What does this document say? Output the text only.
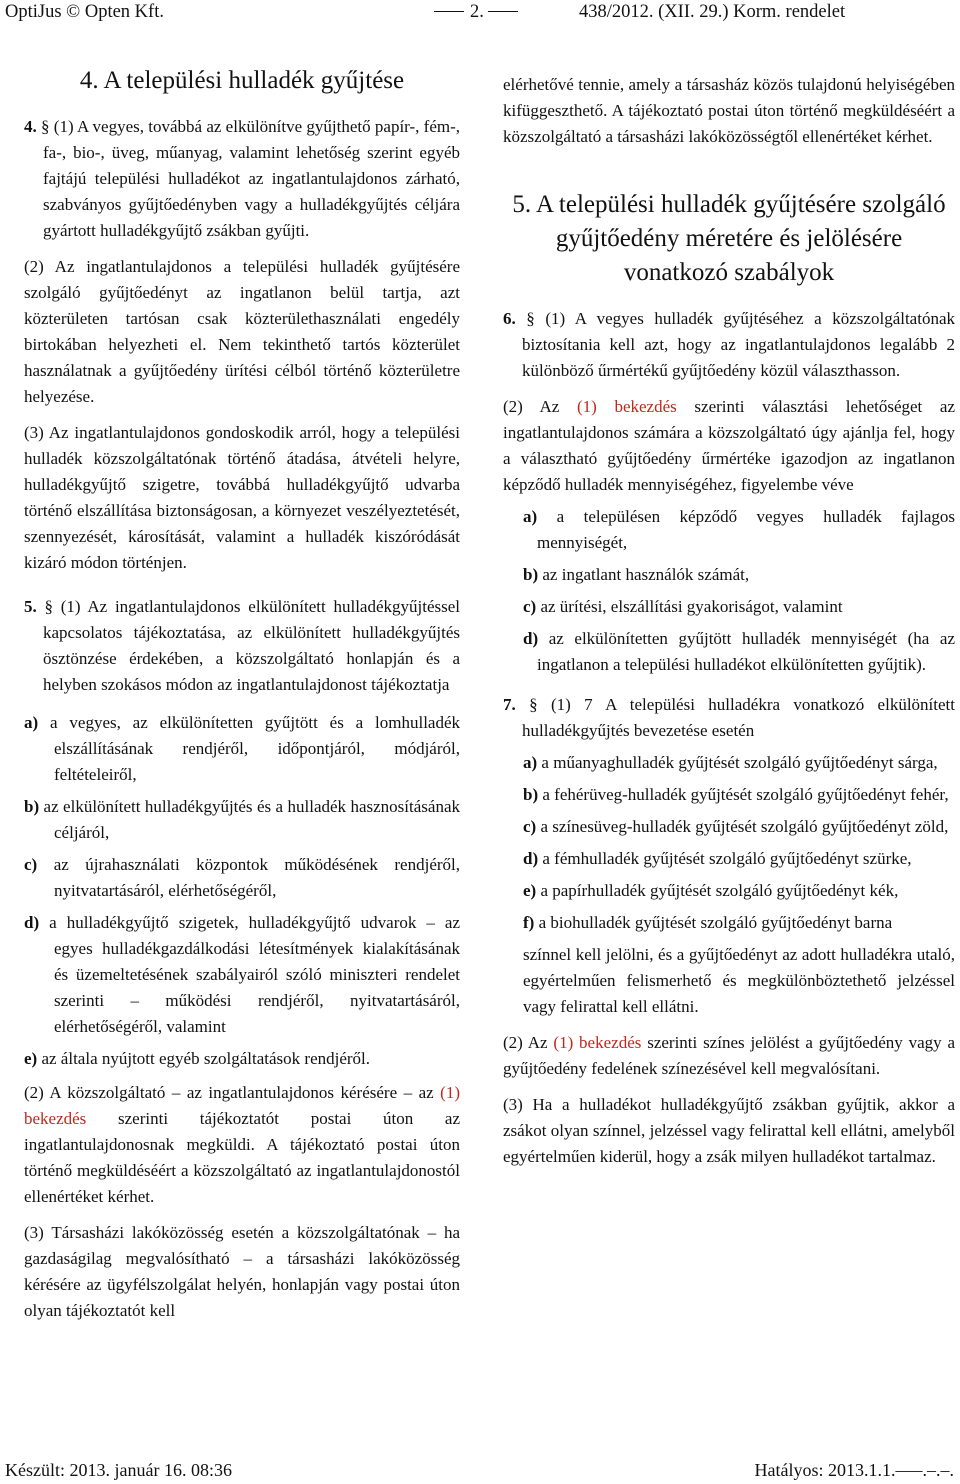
OptiJus © Opten Kft.	2.	438/2012. (XII. 29.) Korm. rendelet
4. A települési hulladék gyűjtése

4. § (1) A vegyes, továbbá az elkülönítve gyűjthető papír-, fém-, fa-, bio-, üveg, műanyag, valamint lehetőség szerint egyéb fajtájú települési hulladékot az ingatlantulajdonos zárható, szabványos gyűjtőedényben vagy a hulladékgyűjtés céljára gyártott hulladékgyűjtő zsákban gyűjti.

(2) Az ingatlantulajdonos a települési hulladék gyűjtésére szolgáló gyűjtőedényt az ingatlanon belül tartja, azt közterületen tartósan csak közterülethasználati engedély birtokában helyezheti el. Nem tekinthető tartós közterület használatnak a gyűjtőedény ürítési célból történő közterületre helyezése.

(3) Az ingatlantulajdonos gondoskodik arról, hogy a települési hulladék közszolgáltatónak történő átadása, átvételi helyre, hulladékgyűjtő szigetre, továbbá hulladékgyűjtő udvarba történő elszállítása biztonságosan, a környezet veszélyeztetését, szennyezését, károsítását, valamint a hulladék kiszóródását kizáró módon történjen.

5. § (1) Az ingatlantulajdonos elkülönített hulladékgyűjtéssel kapcsolatos tájékoztatása, az elkülönített hulladékgyűjtés ösztönzése érdekében, a közszolgáltató honlapján és a helyben szokásos módon az ingatlantulajdonost tájékoztatja

a) a vegyes, az elkülönítetten gyűjtött és a lomhulladék elszállításának rendjéről, időpontjáról, módjáról, feltételeiről,

b) az elkülönített hulladékgyűjtés és a hulladék hasznosításának céljáról,

c) az újrahasználati központok működésének rendjéről, nyitvatartásáról, elérhetőségéről,

d) a hulladékgyűjtő szigetek, hulladékgyűjtő udvarok – az egyes hulladékgazdálkodási létesítmények kialakításának és üzemeltetésének szabályairól szóló miniszteri rendelet szerinti – működési rendjéről, nyitvatartásáról, elérhetőségéről, valamint

e) az általa nyújtott egyéb szolgáltatások rendjéről.

(2) A közszolgáltató – az ingatlantulajdonos kérésére – az (1) bekezdés szerinti tájékoztatót postai úton az ingatlantulajdonosnak megküldi. A tájékoztató postai úton történő megküldéséért a közszolgáltató az ingatlantulajdonostól ellenértéket kérhet.

(3) Társasházi lakóközösség esetén a közszolgáltatónak – ha gazdaságilag megvalósítható – a társasházi lakóközösség kérésére az ügyfélszolgálat helyén, honlapján vagy postai úton olyan tájékoztatót kell

elérhetővé tennie, amely a társasház közös tulajdonú helyiségében kifüggeszthető. A tájékoztató postai úton történő megküldéséért a közszolgáltató a társasházi lakóközösségtől ellenértéket kérhet.

5. A települési hulladék gyűjtésére szolgáló gyűjtőedény méretére és jelölésére vonatkozó szabályok

6. § (1) A vegyes hulladék gyűjtéséhez a közszolgáltatónak biztosítania kell azt, hogy az ingatlantulajdonos legalább 2 különböző űrmértékű gyűjtőedény közül választhasson.

(2) Az (1) bekezdés szerinti választási lehetőséget az ingatlantulajdonos számára a közszolgáltató úgy ajánlja fel, hogy a választható gyűjtőedény űrmértéke igazodjon az ingatlanon képződő hulladék mennyiségéhez, figyelembe véve

a) a településen képződő vegyes hulladék fajlagos mennyiségét,

b) az ingatlant használók számát,

c) az ürítési, elszállítási gyakoriságot, valamint

d) az elkülönítetten gyűjtött hulladék mennyiségét (ha az ingatlanon a települési hulladékot elkülönítetten gyűjtik).

7. § (1) 7 A települési hulladékra vonatkozó elkülönített hulladékgyűjtés bevezetése esetén

a) a műanyaghulladék gyűjtését szolgáló gyűjtőedényt sárga,

b) a fehérüveg-hulladék gyűjtését szolgáló gyűjtőedényt fehér,

c) a színesüveg-hulladék gyűjtését szolgáló gyűjtőedényt zöld,

d) a fémhulladék gyűjtését szolgáló gyűjtőedényt szürke,

e) a papírhulladék gyűjtését szolgáló gyűjtőedényt kék,

f) a biohulladék gyűjtését szolgáló gyűjtőedényt barna

színnel kell jelölni, és a gyűjtőedényt az adott hulladékra utaló, egyértelműen felismerhető és megkülönböztethető jelzéssel vagy felirattal kell ellátni.

(2) Az (1) bekezdés szerinti színes jelölést a gyűjtőedény vagy a gyűjtőedény fedelének színezésével kell megvalósítani.

(3) Ha a hulladékot hulladékgyűjtő zsákban gyűjtik, akkor a zsákot olyan színnel, jelzéssel vagy felirattal kell ellátni, amelyből egyértelműen kiderül, hogy a zsák milyen hulladékot tartalmaz.

Készült: 2013. január 16. 08:36	Hatályos: 2013.1.1.–––.–.–.
